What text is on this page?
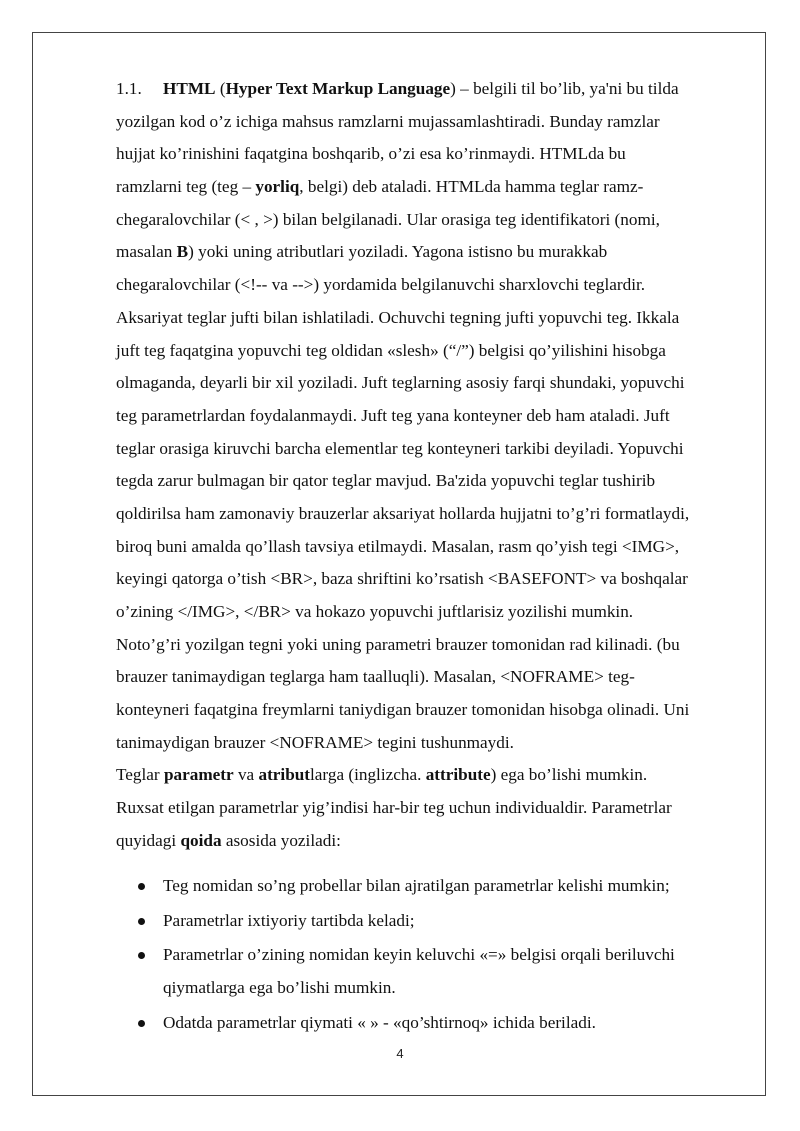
1.1. HTML (Hyper Text Markup Language) – belgili til bo’lib, ya'ni bu tilda
yozilgan kod o’z ichiga mahsus ramzlarni mujassamlashtiradi. Bunday ramzlar
hujjat ko’rinishini faqatgina boshqarib, o’zi esa ko’rinmaydi. HTMLda bu
ramzlarni teg (teg – yorliq, belgi) deb ataladi. HTMLda hamma teglar ramz-
chegaralovchilar (< , >) bilan belgilanadi. Ular orasiga teg identifikatori (nomi,
masalan B) yoki uning atributlari yoziladi. Yagona istisno bu murakkab
chegaralovchilar (<!-- va -->) yordamida belgilanuvchi sharxlovchi teglardir.
Aksariyat teglar jufti bilan ishlatiladi. Ochuvchi tegning jufti yopuvchi teg. Ikkala
juft teg faqatgina yopuvchi teg oldidan «slesh» (“/”) belgisi qo’yilishini hisobga
olmaganda, deyarli bir xil yoziladi. Juft teglarning asosiy farqi shundaki, yopuvchi
teg parametrlardan foydalanmaydi. Juft teg yana konteyner deb ham ataladi. Juft
teglar orasiga kiruvchi barcha elementlar teg konteyneri tarkibi deyiladi. Yopuvchi
tegda zarur bulmagan bir qator teglar mavjud. Ba'zida yopuvchi teglar tushirib
qoldirilsa ham zamonaviy brauzerlar aksariyat hollarda hujjatni to’g’ri formatlaydi,
biroq buni amalda qo’llash tavsiya etilmaydi. Masalan, rasm qo’yish tegi <IMG>,
keyingi qatorga o’tish <BR>, baza shriftini ko’rsatish <BASEFONT> va boshqalar
o’zining </IMG>, </BR> va hokazo yopuvchi juftlarisiz yozilishi mumkin.
Noto’g’ri yozilgan tegni yoki uning parametri brauzer tomonidan rad kilinadi. (bu
brauzer tanimaydigan teglarga ham taalluqli). Masalan, <NOFRAME> teg-
konteyneri faqatgina freymlarni taniydigan brauzer tomonidan hisobga olinadi. Uni
tanimaydigan brauzer <NOFRAME> tegini tushunmaydi.
Teglar parametr va atributlarga (inglizcha. attribute) ega bo’lishi mumkin.
Ruxsat etilgan parametrlar yig’indisi har-bir teg uchun individualdir. Parametrlar
quyidagi qoida asosida yoziladi:
Teg nomidan so’ng probellar bilan ajratilgan parametrlar kelishi mumkin;
Parametrlar ixtiyoriy tartibda keladi;
Parametrlar o’zining nomidan keyin keluvchi «=» belgisi orqali beriluvchi
qiymatlarga ega bo’lishi mumkin.
Odatda parametrlar qiymati « » - «qo’shtirnoq» ichida beriladi.
4
